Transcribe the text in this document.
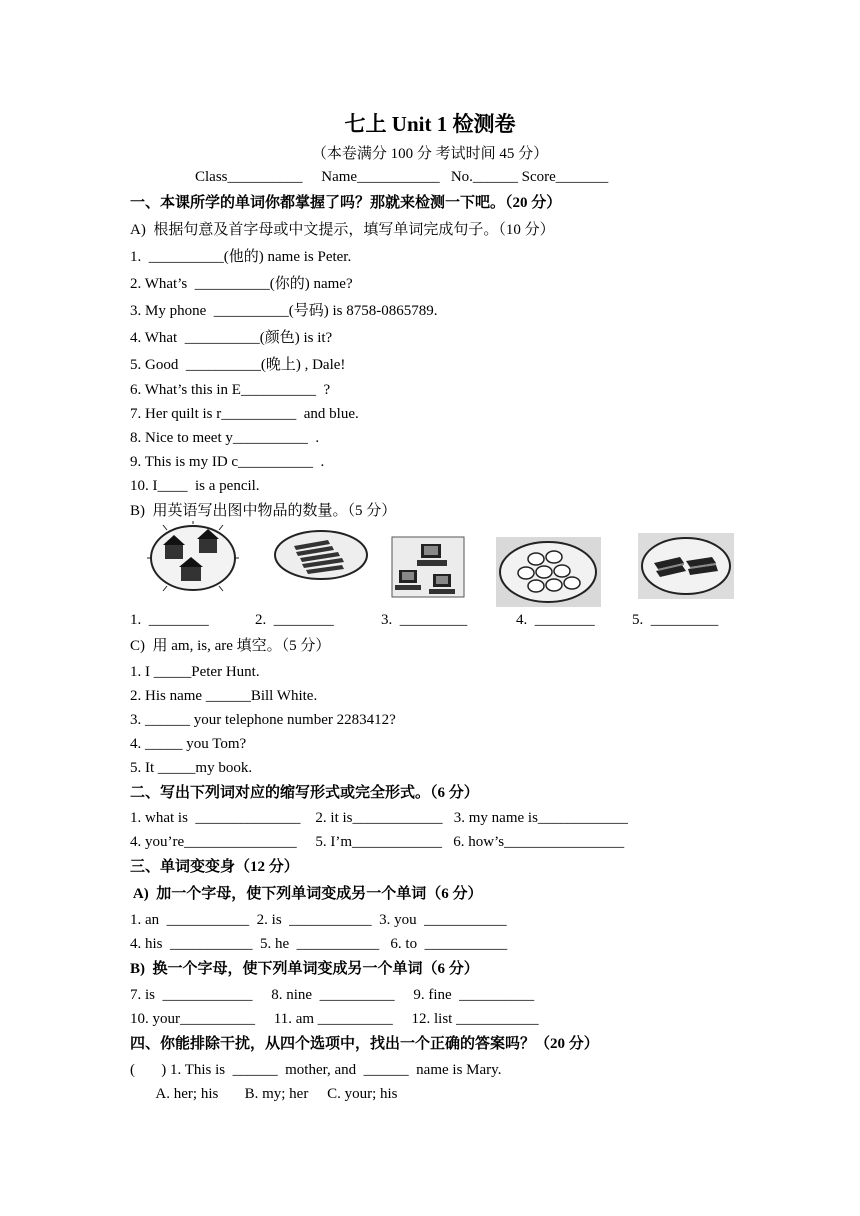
七上 Unit 1 检测卷
（本卷满分 100 分 考试时间 45 分）
Class__________     Name___________   No.______ Score_______
一、本课所学的单词你都掌握了吗？那就来检测一下吧。（20 分）
A)  根据句意及首字母或中文提示，填写单词完成句子。（10 分）
1.  __________(他的) name is Peter.
2. What’s  __________(你的) name?
3. My phone  __________(号码) is 8758-0865789.
4. What  __________(颜色) is it?
5. Good  __________(晚上) , Dale!
6. What’s this in E__________  ?
7. Her quilt is r__________  and blue.
8. Nice to meet y__________  .
9. This is my ID c__________  .
10. I____  is a pencil.
B)  用英语写出图中物品的数量。（5 分）
1.  ________	2.  ________	3.  _________	4.  ________ 5.  _________
C)  用 am, is, are 填空。（5 分）
1. I _____Peter Hunt.
2. His name ______Bill White.
3. ______ your telephone number 2283412?
4. _____ you Tom?
5. It _____my book.
二、写出下列词对应的缩写形式或完全形式。（6 分）
1. what is  ______________    2. it is____________   3. my name is____________
4. you’re_______________     5. I’m____________   6. how’s________________
三、单词变变身（12 分）
A)  加一个字母，使下列单词变成另一个单词（6 分）
1. an  ___________  2. is  ___________  3. you  ___________
4. his  ___________  5. he  ___________   6. to  ___________
B)  换一个字母，使下列单词变成另一个单词（6 分）
7. is  ____________     8. nine  __________     9. fine  __________
10. your__________     11. am __________     12. list ___________
四、你能排除干扰，从四个选项中，找出一个正确的答案吗？（20 分）
(       ) 1. This is  ______  mother, and  ______  name is Mary.
A. her; his       B. my; her     C. your; his
